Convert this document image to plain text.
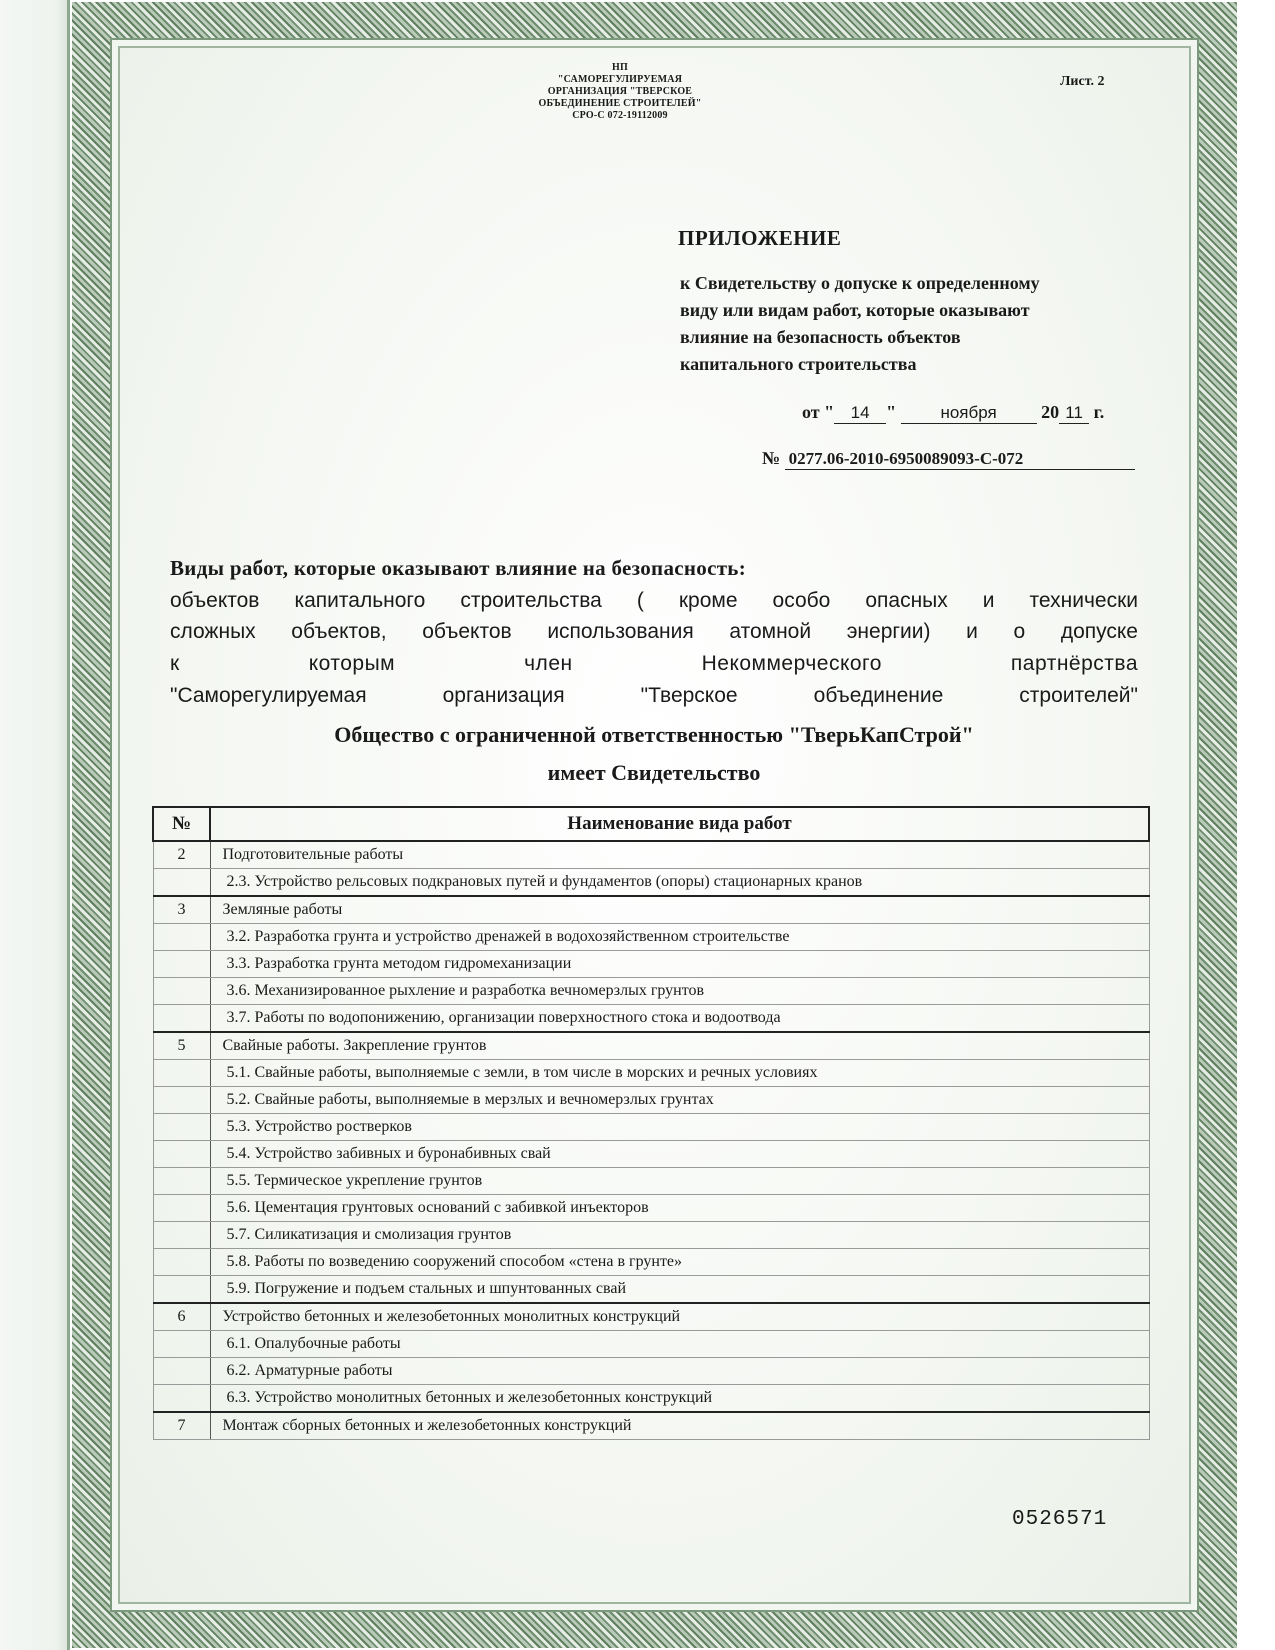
НП
"САМОРЕГУЛИРУЕМАЯ
ОРГАНИЗАЦИЯ "ТВЕРСКОЕ
ОБЪЕДИНЕНИЕ СТРОИТЕЛЕЙ"
СРО-С 072-19112009
Лист. 2
ПРИЛОЖЕНИЕ
к Свидетельству о допуске к определенному
виду или видам работ, которые оказывают
влияние на безопасность объектов
капитального строительства
от " 14 "	ноября 20 11 г.
№ 0277.06-2010-6950089093-С-072
Виды работ, которые оказывают влияние на безопасность:
объектов капитального строительства ( кроме особо опасных и технически
сложных объектов, объектов использования атомной энергии) и о допуске
к которым член Некоммерческого партнёрства
"Саморегулируемая организация "Тверское объединение строителей"
Общество с ограниченной ответственностью "ТверьКапСтрой"
имеет Свидетельство
№	Наименование вида работ
2	Подготовительные работы
	2.3. Устройство рельсовых подкрановых путей и фундаментов (опоры) стационарных кранов
3	Земляные работы
	3.2. Разработка грунта и устройство дренажей в водохозяйственном строительстве
	3.3. Разработка грунта методом гидромеханизации
	3.6. Механизированное рыхление и разработка вечномерзлых грунтов
	3.7. Работы по водопонижению, организации поверхностного стока и водоотвода
5	Свайные работы. Закрепление грунтов
	5.1. Свайные работы, выполняемые с земли, в том числе в морских и речных условиях
	5.2. Свайные работы, выполняемые в мерзлых и вечномерзлых грунтах
	5.3. Устройство ростверков
	5.4. Устройство забивных и буронабивных свай
	5.5. Термическое укрепление грунтов
	5.6. Цементация грунтовых оснований с забивкой инъекторов
	5.7. Силикатизация и смолизация грунтов
	5.8. Работы по возведению сооружений способом «стена в грунте»
	5.9. Погружение и подъем стальных и шпунтованных свай
6	Устройство бетонных и железобетонных монолитных конструкций
	6.1. Опалубочные работы
	6.2. Арматурные работы
	6.3. Устройство монолитных бетонных и железобетонных конструкций
7	Монтаж сборных бетонных и железобетонных конструкций
0526571
